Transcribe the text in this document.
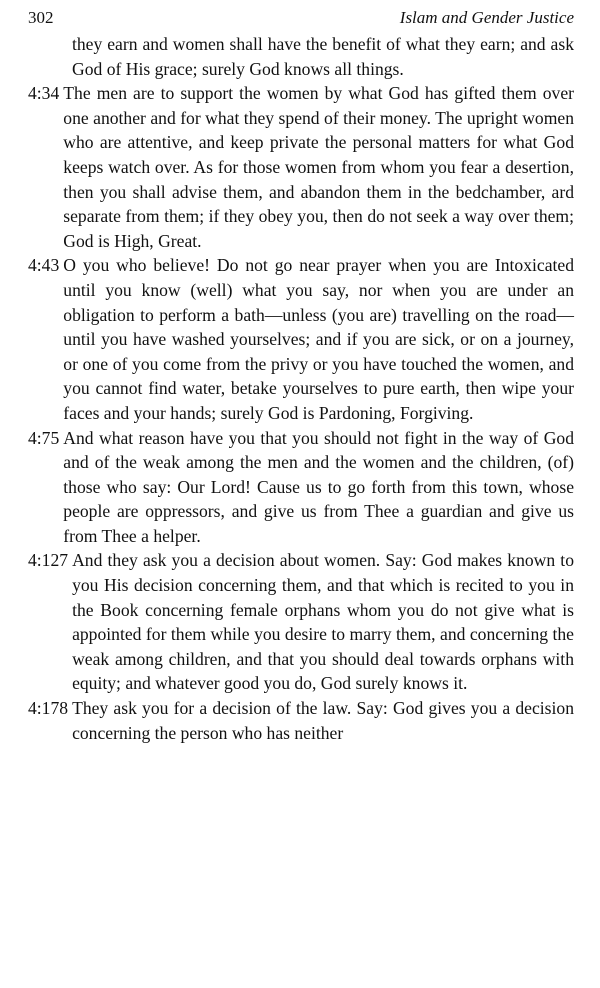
302	Islam and Gender Justice
they earn and women shall have the benefit of what they earn; and ask God of His grace; surely God knows all things.
4:34 The men are to support the women by what God has gifted them over one another and for what they spend of their money. The upright women who are attentive, and keep private the personal matters for what God keeps watch over. As for those women from whom you fear a desertion, then you shall advise them, and abandon them in the bedchamber, ard separate from them; if they obey you, then do not seek a way over them; God is High, Great.
4:43 O you who believe! Do not go near prayer when you are Intoxicated until you know (well) what you say, nor when you are under an obligation to perform a bath—unless (you are) travelling on the road—until you have washed yourselves; and if you are sick, or on a journey, or one of you come from the privy or you have touched the women, and you cannot find water, betake yourselves to pure earth, then wipe your faces and your hands; surely God is Pardoning, Forgiving.
4:75 And what reason have you that you should not fight in the way of God and of the weak among the men and the women and the children, (of) those who say: Our Lord! Cause us to go forth from this town, whose people are oppressors, and give us from Thee a guardian and give us from Thee a helper.
4:127 And they ask you a decision about women. Say: God makes known to you His decision concerning them, and that which is recited to you in the Book concerning female orphans whom you do not give what is appointed for them while you desire to marry them, and concerning the weak among children, and that you should deal towards orphans with equity; and whatever good you do, God surely knows it.
4:178 They ask you for a decision of the law. Say: God gives you a decision concerning the person who has neither
